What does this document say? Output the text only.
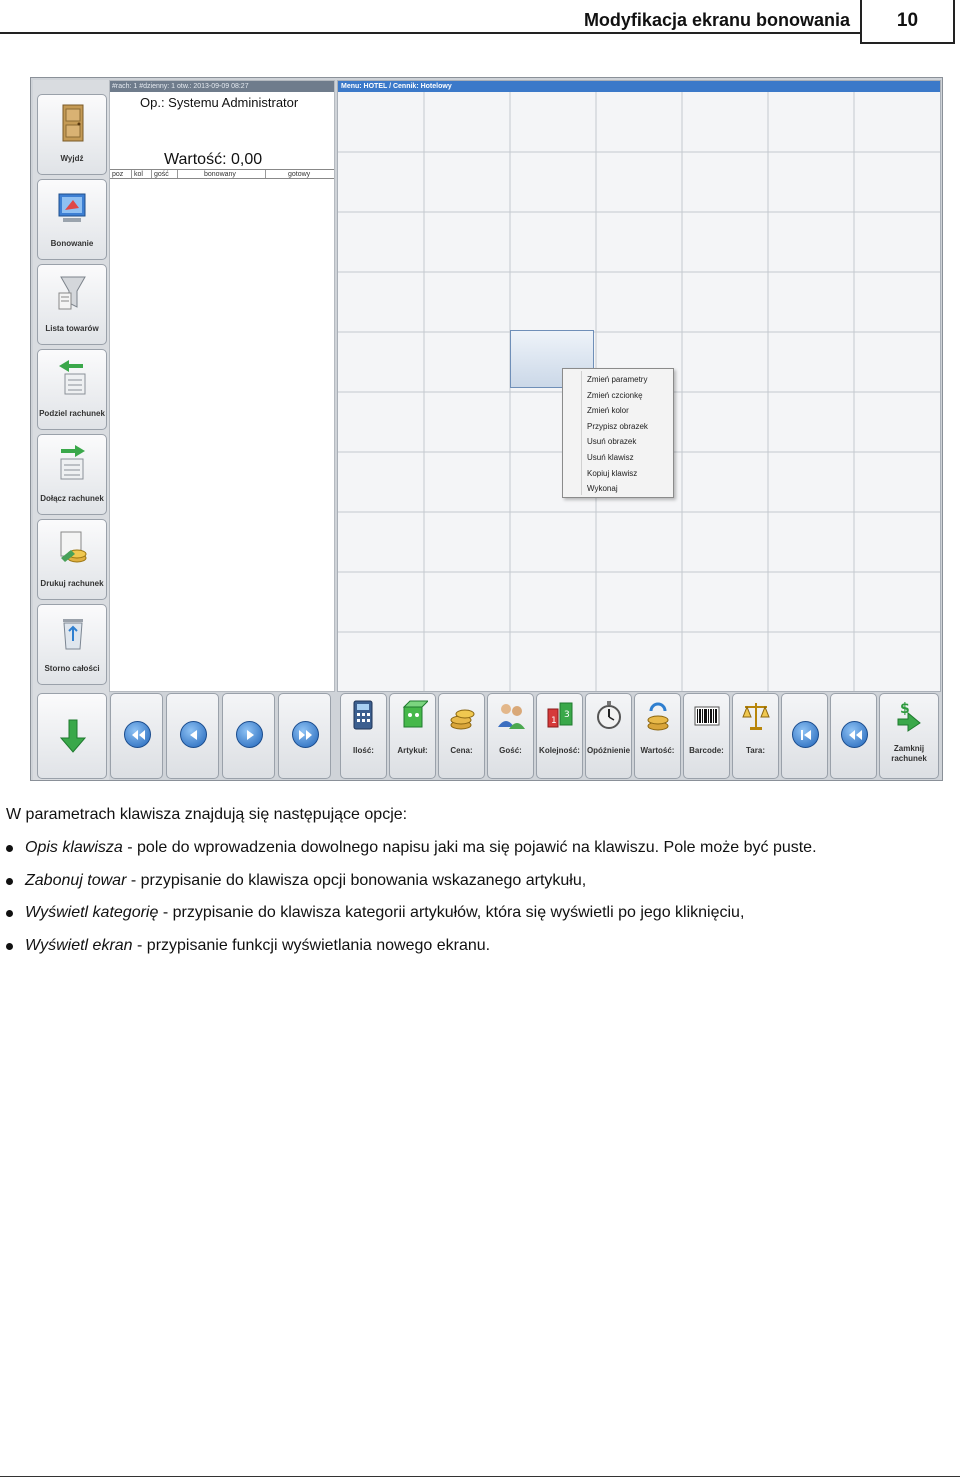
Modyfikacja ekranu bonowania	10
Wyjdź
Bonowanie
Lista towarów
Podziel rachunek
Dołącz rachunek
Drukuj rachunek
Storno całości
#rach: 1 #dzienny: 1 otw.: 2013-09-09 08:27
Op.: Systemu Administrator
Wartość: 0,00
poz	kol	gość	bonowany	gotowy
Menu: HOTEL / Cennik: Hotelowy
Zmień parametry
Zmień czcionkę
Zmień kolor
Przypisz obrazek
Usuń obrazek
Usuń klawisz
Kopiuj klawisz
Wykonaj
Ilość:	Artykuł:	Cena:	Gość:
1
3
Kolejność: Opóźnienie	Wartość:	Barcode:	Tara:
$
Zamknij rachunek
W parametrach klawisza znajdują się następujące opcje:
Opis klawisza - pole do wprowadzenia dowolnego napisu jaki ma się pojawić na klawiszu. Pole może być puste.
Zabonuj towar - przypisanie do klawisza opcji bonowania wskazanego artykułu,
Wyświetl kategorię - przypisanie do klawisza kategorii artykułów, która się wyświetli po jego kliknięciu,
Wyświetl ekran - przypisanie funkcji wyświetlania nowego ekranu.
